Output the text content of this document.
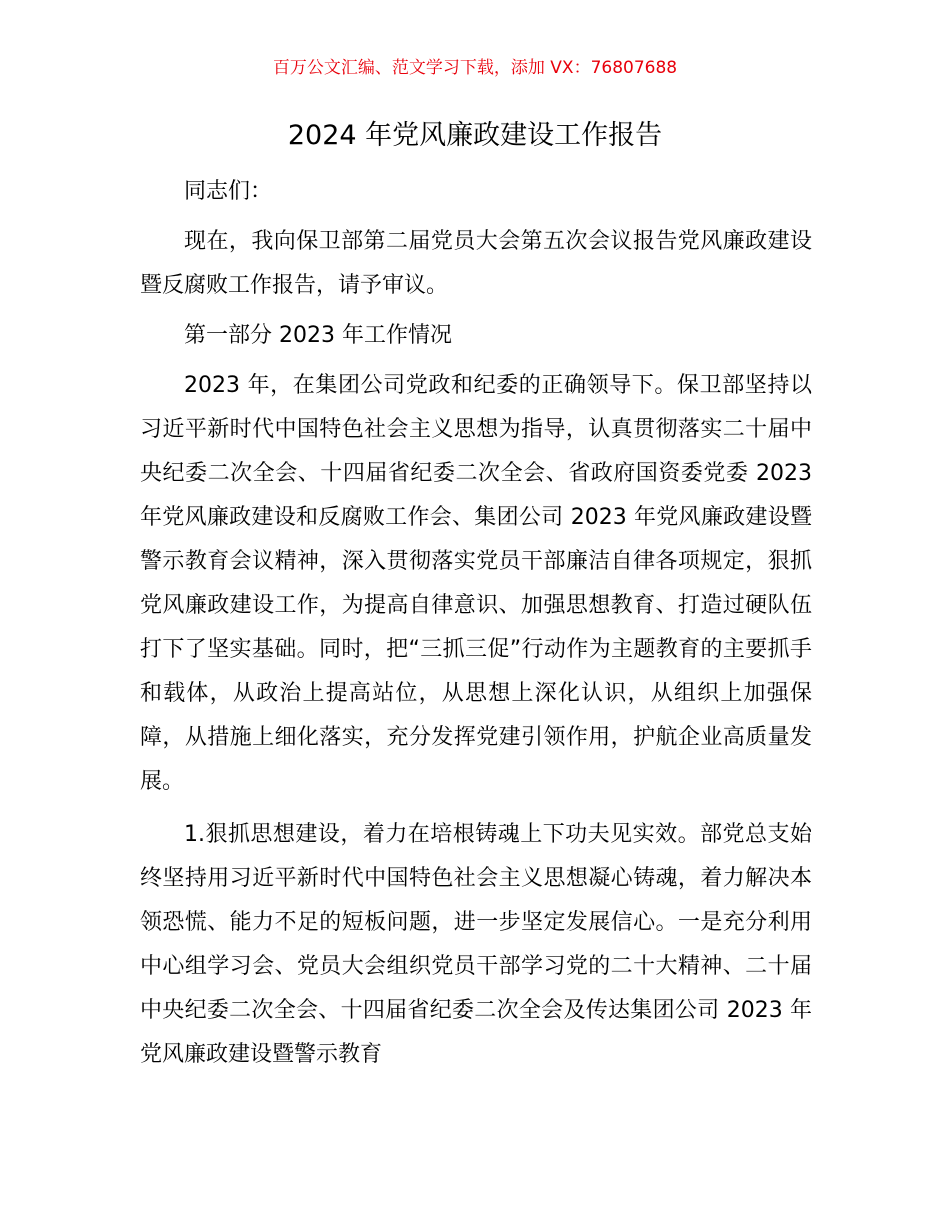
百万公文汇编、范文学习下载，添加 VX：76807688
2024 年党风廉政建设工作报告

同志们：

现在，我向保卫部第二届党员大会第五次会议报告党风廉政建设暨反腐败工作报告，请予审议。

第一部分 2023 年工作情况

2023 年，在集团公司党政和纪委的正确领导下。保卫部坚持以习近平新时代中国特色社会主义思想为指导，认真贯彻落实二十届中央纪委二次全会、十四届省纪委二次全会、省政府国资委党委 2023 年党风廉政建设和反腐败工作会、集团公司 2023 年党风廉政建设暨警示教育会议精神，深入贯彻落实党员干部廉洁自律各项规定，狠抓党风廉政建设工作，为提高自律意识、加强思想教育、打造过硬队伍打下了坚实基础。同时，把“三抓三促”行动作为主题教育的主要抓手和载体，从政治上提高站位，从思想上深化认识，从组织上加强保障，从措施上细化落实，充分发挥党建引领作用，护航企业高质量发展。

1.狠抓思想建设，着力在培根铸魂上下功夫见实效。部党总支始终坚持用习近平新时代中国特色社会主义思想凝心铸魂，着力解决本领恐慌、能力不足的短板问题，进一步坚定发展信心。一是充分利用中心组学习会、党员大会组织党员干部学习党的二十大精神、二十届中央纪委二次全会、十四届省纪委二次全会及传达集团公司 2023 年党风廉政建设暨警示教育
